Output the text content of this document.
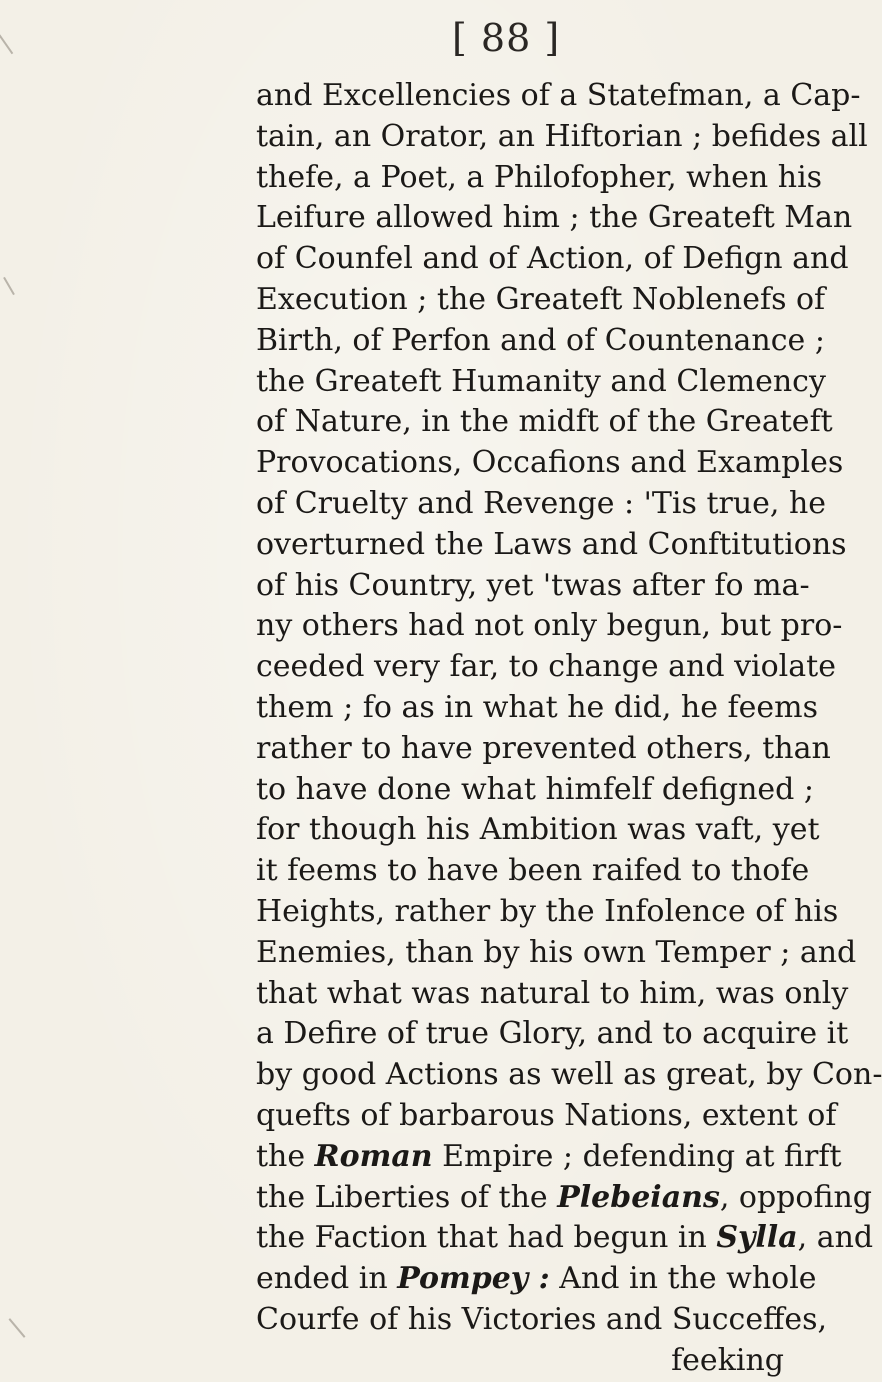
[ 88 ]
and Excellencies of a Statefman, a Cap-
tain, an Orator, an Hiftorian ; befides all
thefe, a Poet, a Philofopher, when his
Leifure allowed him ; the Greateft Man
of Counfel and of Action, of Defign and
Execution ; the Greateft Noblenefs of
Birth, of Perfon and of Countenance ;
the Greateft Humanity and Clemency
of Nature, in the midft of the Greateft
Provocations, Occafions and Examples
of Cruelty and Revenge : 'Tis true, he
overturned the Laws and Conftitutions
of his Country, yet 'twas after fo ma-
ny others had not only begun, but pro-
ceeded very far, to change and violate
them ; fo as in what he did, he feems
rather to have prevented others, than
to have done what himfelf defigned ;
for though his Ambition was vaft, yet
it feems to have been raifed to thofe
Heights, rather by the Infolence of his
Enemies, than by his own Temper ; and
that what was natural to him, was only
a Defire of true Glory, and to acquire it
by good Actions as well as great, by Con-
quefts of barbarous Nations, extent of
the Roman Empire ; defending at firft
the Liberties of the Plebeians, oppofing
the Faction that had begun in Sylla, and
ended in Pompey : And in the whole
Courfe of his Victories and Succeffes,
feeking
